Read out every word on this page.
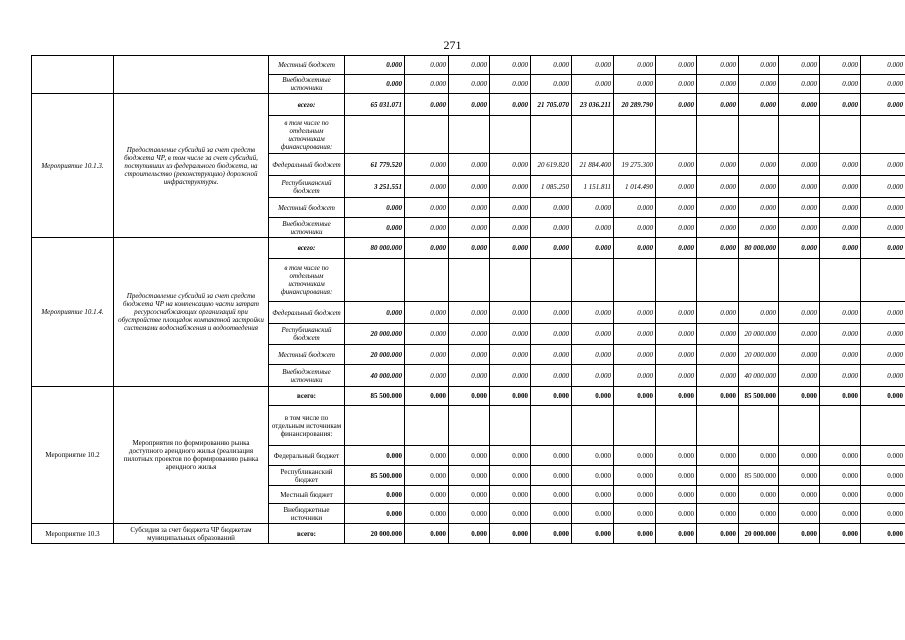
271
		Местный бюджет	0.000	0.000	0.000	0.000	0.000	0.000	0.000	0.000	0.000	0.000	0.000	0.000	0.000
		Внебюджетные источники	0.000	0.000	0.000	0.000	0.000	0.000	0.000	0.000	0.000	0.000	0.000	0.000	0.000
Мероприятие 10.1.3.	Предоставление субсидий за счет средств бюджета ЧР, в том числе за счет субсидий, поступивших из федерального бюджета, на строительство (реконструкцию) дорожной инфраструктуры.	всего:	65 031.071	0.000	0.000	0.000	21 705.070	23 036.211	20 289.790	0.000	0.000	0.000	0.000	0.000	0.000
		в том числе по отдельным источникам финансирования:													
		Федеральный бюджет	61 779.520	0.000	0.000	0.000	20 619.820	21 884.400	19 275.300	0.000	0.000	0.000	0.000	0.000	0.000
		Республиканский бюджет	3 251.551	0.000	0.000	0.000	1 085.250	1 151.811	1 014.490	0.000	0.000	0.000	0.000	0.000	0.000
		Местный бюджет	0.000	0.000	0.000	0.000	0.000	0.000	0.000	0.000	0.000	0.000	0.000	0.000	0.000
		Внебюджетные источники	0.000	0.000	0.000	0.000	0.000	0.000	0.000	0.000	0.000	0.000	0.000	0.000	0.000
Мероприятие 10.1.4.	Предоставление субсидий за счет средств бюджета ЧР на компенсацию части затрат ресурсоснабжающих организаций при обустройстве площадок компактной застройки системами водоснабжения и водоотведения	всего:	80 000.000	0.000	0.000	0.000	0.000	0.000	0.000	0.000	0.000	80 000.000	0.000	0.000	0.000
		в том числе по отдельным источникам финансирования:													
		Федеральный бюджет	0.000	0.000	0.000	0.000	0.000	0.000	0.000	0.000	0.000	0.000	0.000	0.000	0.000
		Республиканский бюджет	20 000.000	0.000	0.000	0.000	0.000	0.000	0.000	0.000	0.000	20 000.000	0.000	0.000	0.000
		Местный бюджет	20 000.000	0.000	0.000	0.000	0.000	0.000	0.000	0.000	0.000	20 000.000	0.000	0.000	0.000
		Внебюджетные источники	40 000.000	0.000	0.000	0.000	0.000	0.000	0.000	0.000	0.000	40 000.000	0.000	0.000	0.000
Мероприятие 10.2	Мероприятия по формированию рынка доступного арендного жилья (реализация пилотных проектов по формированию рынка арендного жилья	всего:	85 500.000	0.000	0.000	0.000	0.000	0.000	0.000	0.000	0.000	85 500.000	0.000	0.000	0.000
		в том числе по отдельным источникам финансирования:													
		Федеральный бюджет	0.000	0.000	0.000	0.000	0.000	0.000	0.000	0.000	0.000	0.000	0.000	0.000	0.000
		Республиканский бюджет	85 500.000	0.000	0.000	0.000	0.000	0.000	0.000	0.000	0.000	85 500.000	0.000	0.000	0.000
		Местный бюджет	0.000	0.000	0.000	0.000	0.000	0.000	0.000	0.000	0.000	0.000	0.000	0.000	0.000
		Внебюджетные источники	0.000	0.000	0.000	0.000	0.000	0.000	0.000	0.000	0.000	0.000	0.000	0.000	0.000
Мероприятие 10.3	Субсидия за счет бюджета ЧР бюджетам муниципальных образований	всего:	20 000.000	0.000	0.000	0.000	0.000	0.000	0.000	0.000	0.000	20 000.000	0.000	0.000	0.000
